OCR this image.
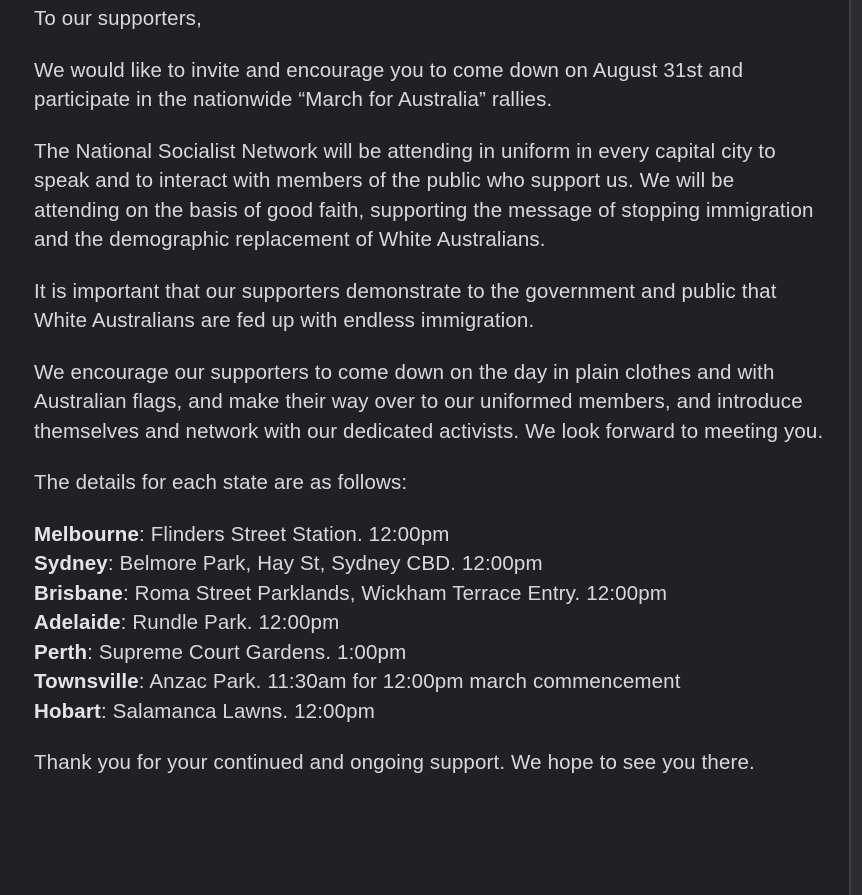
To our supporters,

We would like to invite and encourage you to come down on August 31st and participate in the nationwide “March for Australia” rallies.

The National Socialist Network will be attending in uniform in every capital city to speak and to interact with members of the public who support us. We will be attending on the basis of good faith, supporting the message of stopping immigration and the demographic replacement of White Australians.

It is important that our supporters demonstrate to the government and public that White Australians are fed up with endless immigration.

We encourage our supporters to come down on the day in plain clothes and with Australian flags, and make their way over to our uniformed members, and introduce themselves and network with our dedicated activists. We look forward to meeting you.

The details for each state are as follows:

Melbourne: Flinders Street Station. 12:00pm
Sydney: Belmore Park, Hay St, Sydney CBD. 12:00pm
Brisbane: Roma Street Parklands, Wickham Terrace Entry. 12:00pm
Adelaide: Rundle Park. 12:00pm
Perth: Supreme Court Gardens. 1:00pm
Townsville: Anzac Park. 11:30am for 12:00pm march commencement
Hobart: Salamanca Lawns. 12:00pm

Thank you for your continued and ongoing support. We hope to see you there.
